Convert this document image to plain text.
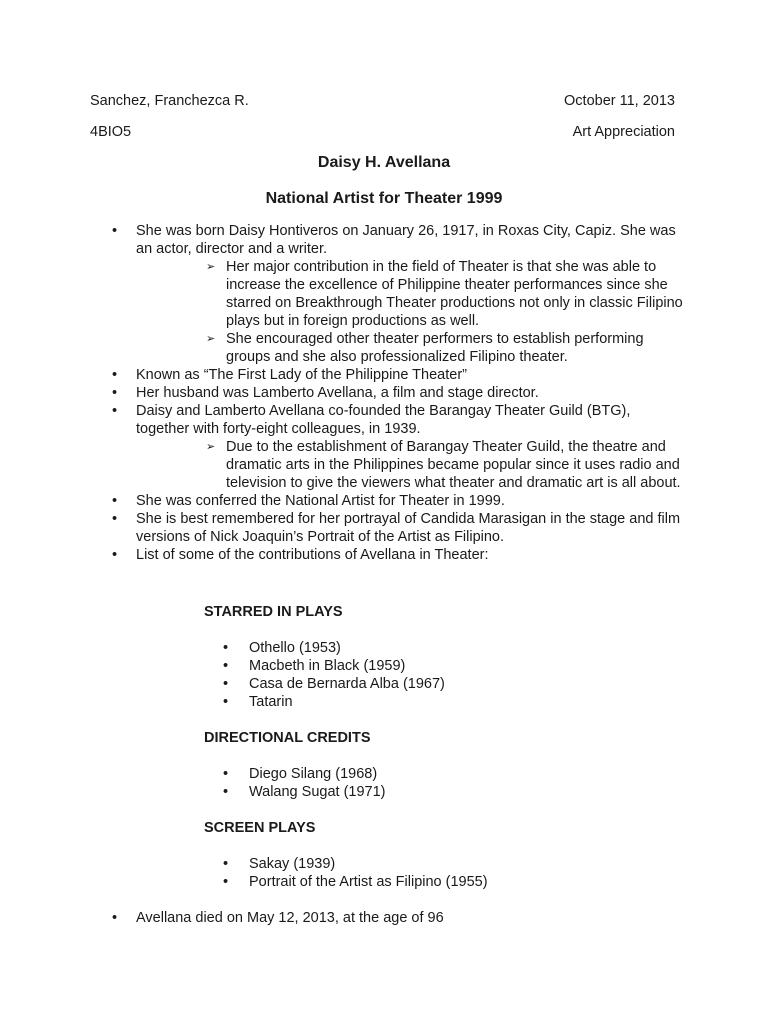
Sanchez, Franchezca R.	October 11, 2013
4BIO5	Art Appreciation
Daisy H. Avellana
National Artist for Theater 1999
• She was born Daisy Hontiveros on January 26, 1917, in Roxas City, Capiz. She was an actor, director and a writer.
➢ Her major contribution in the field of Theater is that she was able to increase the excellence of Philippine theater performances since she starred on Breakthrough Theater productions not only in classic Filipino plays but in foreign productions as well.
➢ She encouraged other theater performers to establish performing groups and she also professionalized Filipino theater.
• Known as “The First Lady of the Philippine Theater”
• Her husband was Lamberto Avellana, a film and stage director.
• Daisy and Lamberto Avellana co-founded the Barangay Theater Guild (BTG), together with forty-eight colleagues, in 1939.
➢ Due to the establishment of Barangay Theater Guild, the theatre and dramatic arts in the Philippines became popular since it uses radio and television to give the viewers what theater and dramatic art is all about.
• She was conferred the National Artist for Theater in 1999.
• She is best remembered for her portrayal of Candida Marasigan in the stage and film versions of Nick Joaquin’s Portrait of the Artist as Filipino.
• List of some of the contributions of Avellana in Theater:
STARRED IN PLAYS
• Othello (1953)
• Macbeth in Black (1959)
• Casa de Bernarda Alba (1967)
• Tatarin
DIRECTIONAL CREDITS
• Diego Silang (1968)
• Walang Sugat (1971)
SCREEN PLAYS
• Sakay (1939)
• Portrait of the Artist as Filipino (1955)
• Avellana died on May 12, 2013, at the age of 96
